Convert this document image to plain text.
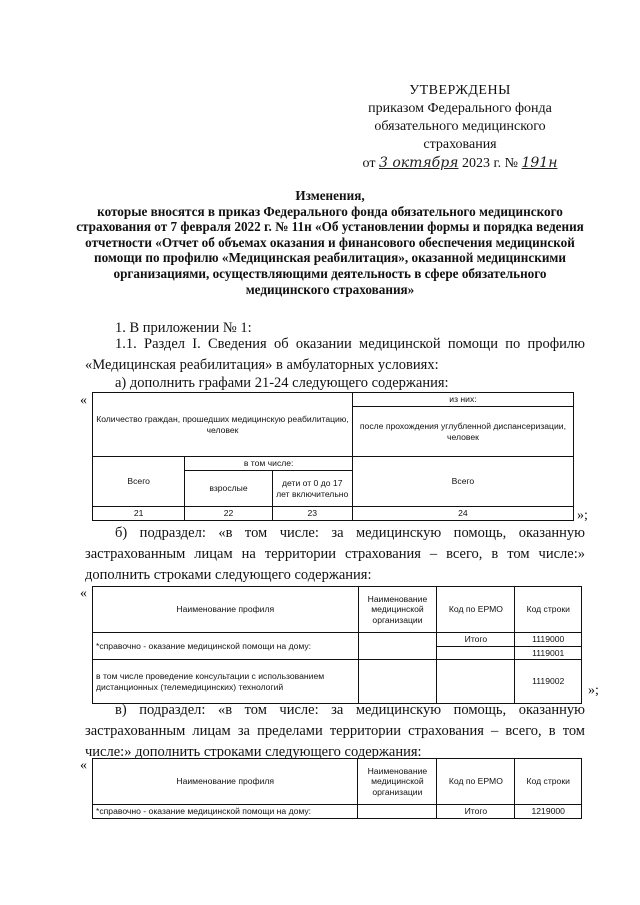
УТВЕРЖДЕНЫ
приказом Федерального фонда
обязательного медицинского
страхования
от 3 октября 2023 г. № 191н
Изменения,
которые вносятся в приказ Федерального фонда обязательного медицинского страхования от 7 февраля 2022 г. № 11н «Об установлении формы и порядка ведения отчетности «Отчет об объемах оказания и финансового обеспечения медицинской помощи по профилю «Медицинская реабилитация», оказанной медицинскими организациями, осуществляющими деятельность в сфере обязательного медицинского страхования»
1. В приложении № 1:
1.1. Раздел I. Сведения об оказании медицинской помощи по профилю «Медицинская реабилитация» в амбулаторных условиях:
а) дополнить графами 21-24 следующего содержания:
«
Количество граждан, прошедших медицинскую реабилитацию, человек			из них:
			после прохождения углубленной диспансеризации, человек
Всего	в том числе:		Всего
	взрослые	дети от 0 до 17 лет включительно	
21	22	23	24	»;
б) подраздел: «в том числе: за медицинскую помощь, оказанную застрахованным лицам на территории страхования – всего, в том числе:» дополнить строками следующего содержания:
«
Наименование профиля	Наименование медицинской организации	Код по ЕРМО	Код строки
*справочно - оказание медицинской помощи на дому:		Итого	1119000
			1119001
в том числе проведение консультации с использованием дистанционных (телемедицинских) технологий			1119002
»;
в) подраздел: «в том числе: за медицинскую помощь, оказанную застрахованным лицам за пределами территории страхования – всего, в том числе:» дополнить строками следующего содержания:
«
Наименование профиля	Наименование медицинской организации	Код по ЕРМО	Код строки
*справочно - оказание медицинской помощи на дому:		Итого	1219000
